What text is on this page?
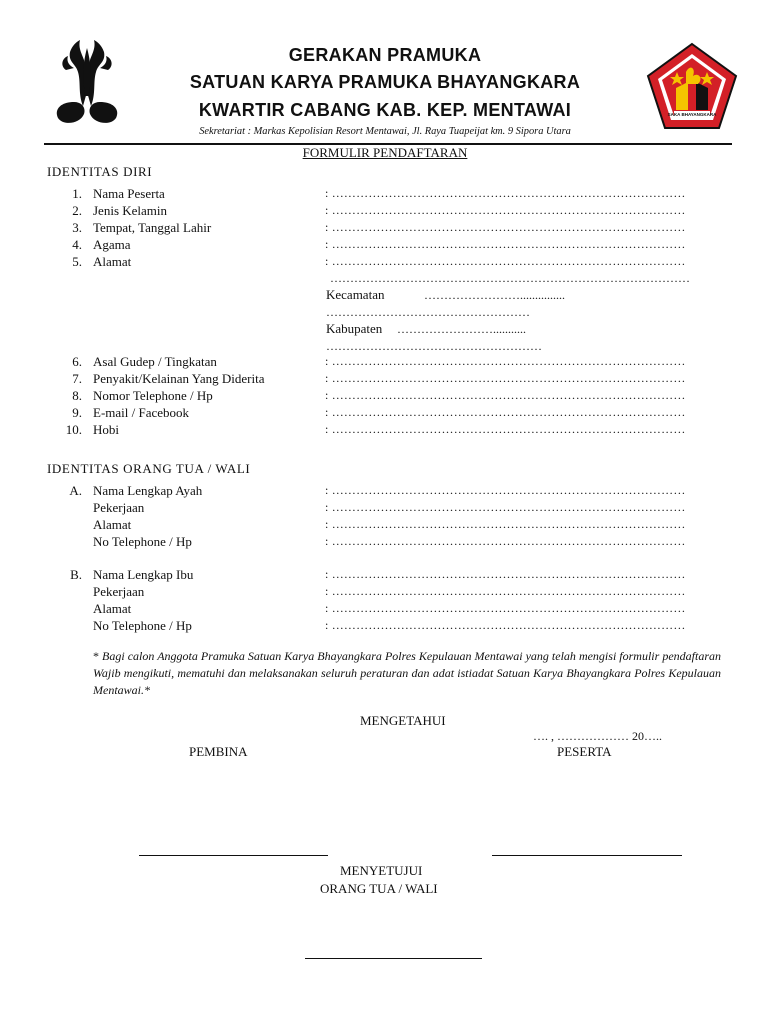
SAKA BHAYANGKARA
GERAKAN PRAMUKA
SATUAN KARYA PRAMUKA BHAYANGKARA
KWARTIR CABANG KAB. KEP. MENTAWAI
Sekretariat : Markas Kepolisian Resort Mentawai, Jl. Raya Tuapeijat km. 9 Sipora Utara
FORMULIR PENDAFTARAN
IDENTITAS DIRI
1. Nama Peserta	: ……………………………………………………………………………
2. Jenis Kelamin	: ……………………………………………………………………………
3. Tempat, Tanggal Lahir	: ……………………………………………………………………………
4. Agama	: ……………………………………………………………………………
5. Alamat	: ……………………………………………………………………………
………………………………………………………………………………
Kecamatan	……………………...............
……………………………………………
Kabupaten ……………………...........
………………………………………………
6. Asal Gudep / Tingkatan	: ……………………………………………………………………………
7. Penyakit/Kelainan Yang Diderita	: ……………………………………………………………………………
8. Nomor Telephone / Hp	: ……………………………………………………………………………
9. E-mail / Facebook	: ……………………………………………………………………………
10. Hobi	: ……………………………………………………………………………
IDENTITAS ORANG TUA / WALI
A. Nama Lengkap Ayah	: ……………………………………………………………………………
Pekerjaan	: ……………………………………………………………………………
Alamat	: ……………………………………………………………………………
No Telephone / Hp	: ……………………………………………………………………………
B. Nama Lengkap Ibu	: ……………………………………………………………………………
Pekerjaan	: ……………………………………………………………………………
Alamat	: ……………………………………………………………………………
No Telephone / Hp	: ……………………………………………………………………………
* Bagi calon Anggota Pramuka Satuan Karya Bhayangkara Polres Kepulauan Mentawai yang telah mengisi formulir pendaftaran Wajib mengikuti, mematuhi dan melaksanakan seluruh peraturan dan adat istiadat Satuan Karya Bhayangkara Polres Kepulauan Mentawai.*
MENGETAHUI
…. , ……………… 20…..
PEMBINA	PESERTA
MENYETUJUI
ORANG TUA / WALI
